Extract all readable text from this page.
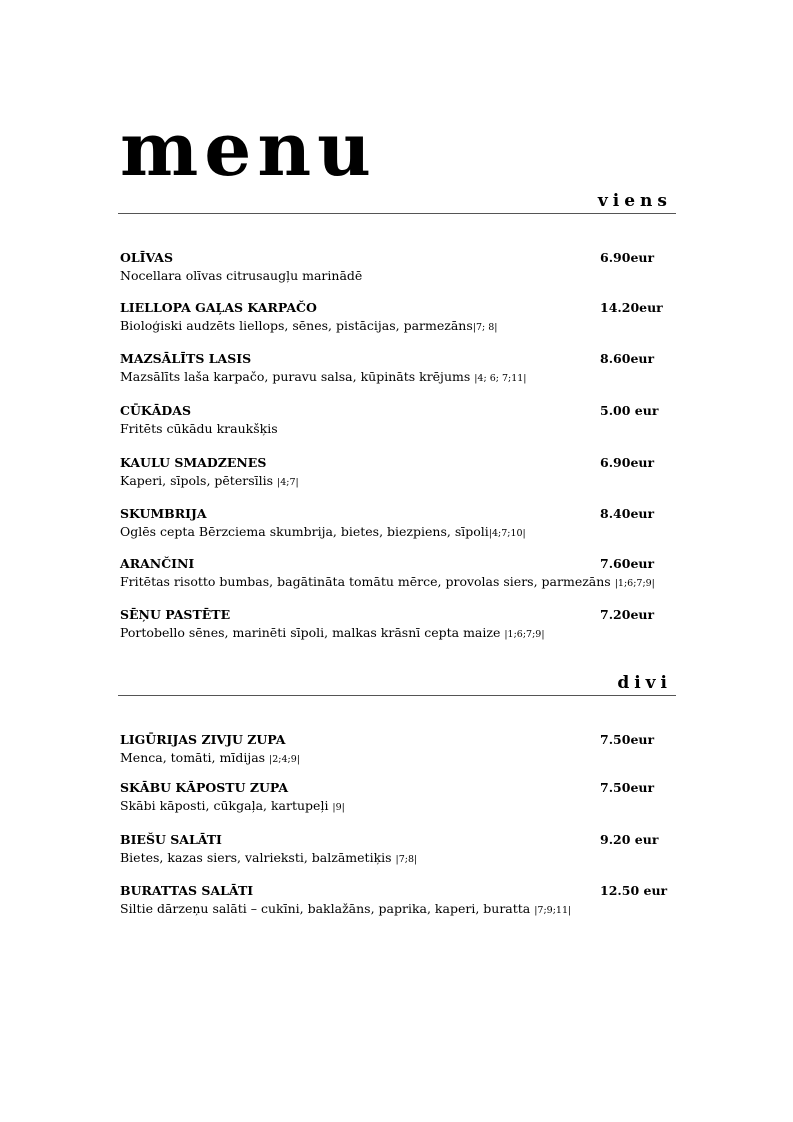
menu
viens
OLĪVAS	6.90eur
Nocellara olīvas citrusaugļu marinādē
LIELLOPA GAĻAS KARPAČO	14.20eur
Bioloģiski audzēts liellops, sēnes, pistācijas, parmezāns|7; 8|
MAZSĀLĪTS LASIS	8.60eur
Mazsālīts laša karpačo, puravu salsa, kūpināts krējums |4; 6; 7;11|
CŪKĀDAS	5.00 eur
Fritēts cūkādu kraukšķis
KAULU SMADZENES	6.90eur
Kaperi, sīpols, pētersīlis |4;7|
SKUMBRIJA	8.40eur
Oglēs cepta Bērzciema skumbrija, bietes, biezpiens, sīpoli|4;7;10|
ARANČINI	7.60eur
Fritētas risotto bumbas, bagātināta tomātu mērce, provolas siers, parmezāns |1;6;7;9|
SĒŅU PASTĒTE	7.20eur
Portobello sēnes, marinēti sīpoli, malkas krāsnī cepta maize |1;6;7;9|
divi
LIGŪRIJAS ZIVJU ZUPA	7.50eur
Menca, tomāti, mīdijas |2;4;9|
SKĀBU KĀPOSTU ZUPA	7.50eur
Skābi kāposti, cūkgaļa, kartupeļi |9|
BIEŠU SALĀTI	9.20 eur
Bietes, kazas siers, valrieksti, balzāmetiķis |7;8|
BURATTAS SALĀTI	12.50 eur
Siltie dārzeņu salāti – cukīni, baklažāns, paprika, kaperi, buratta |7;9;11|
